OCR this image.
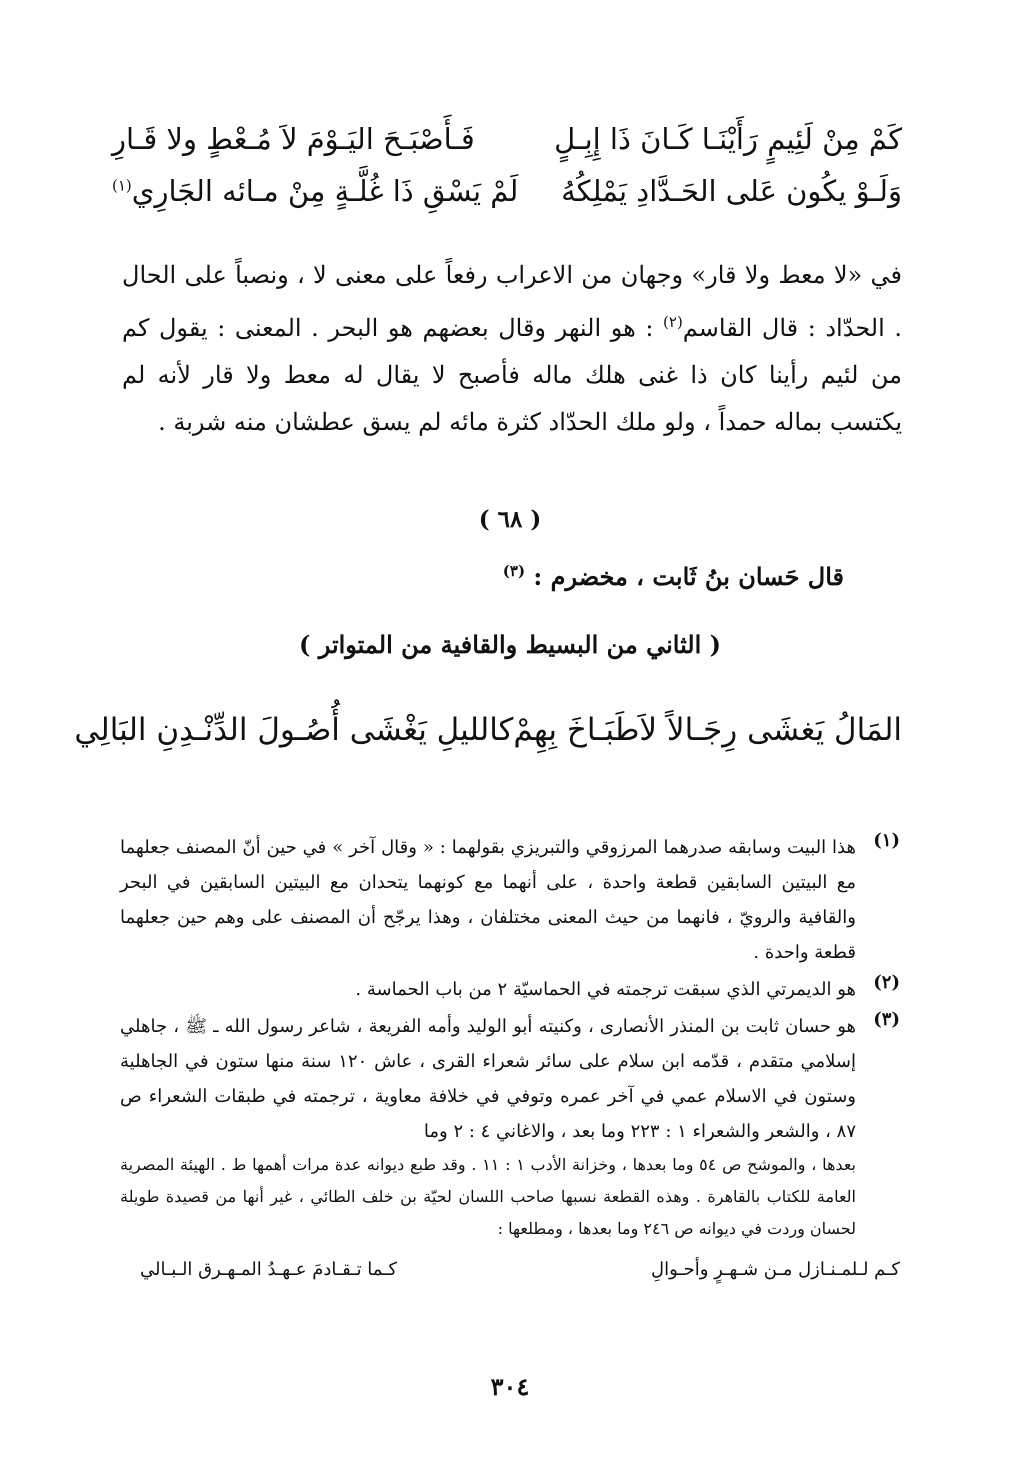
كَمْ مِنْ لَئِيمٍ رَأَيْنَـا كَـانَ ذَا إِبِـلٍ
فَـأَصْبَـحَ اليَـوْمَ لاَ مُـعْطٍ ولا قَـارِ
وَلَـوْ يكُون عَلى الحَـدَّادِ يَمْلِكُهُ
لَمْ يَسْقِ ذَا غُلَّـةٍ مِنْ مـائه الجَارِي$^{(١)}$

في «لا معط ولا قار» وجهان من الاعراب رفعاً على معنى لا ، ونصباً على الحال . الحدّاد : قال القاسم$^{(٢)}$ : هو النهر وقال بعضهم هو البحر . المعنى : يقول كم من لئيم رأينا كان ذا غنى هلك ماله فأصبح لا يقال له معط ولا قار لأنه لم يكتسب بماله حمداً ، ولو ملك الحدّاد كثرة مائه لم يسق عطشان منه شربة .

( ٦٨ )
قال حَسان بنُ ثَابت ، مخضرم : $^{(٣)}$
( الثاني من البسيط والقافية من المتواتر )
المَالُ يَغشَى رِجَـالاً لاَطَبَـاخَ بِهِمْ
كالليلِ يَغْشَى أُصُـولَ الدِّنْـدِنِ البَالِي
(١)
هذا البيت وسابقه صدرهما المرزوقي والتبريزي بقولهما : « وقال آخر » في حين أنّ المصنف جعلهما مع البيتين السابقين قطعة واحدة ، على أنهما مع كونهما يتحدان مع البيتين السابقين في البحر والقافية والرويّ ، فانهما من حيث المعنى مختلفان ، وهذا يرجّح أن المصنف على وهم حين جعلهما قطعة واحدة .
(٢)
هو الديمرتي الذي سبقت ترجمته في الحماسيّة ٢ من باب الحماسة .
(٣)
هو حسان ثابت بن المنذر الأنصارى ، وكنيته أبو الوليد وأمه الفريعة ، شاعر رسول الله ـ ﷺ ، جاهلي إسلامي متقدم ، قدّمه ابن سلام على سائر شعراء القرى ، عاش ١٢٠ سنة منها ستون في الجاهلية وستون في الاسلام عمي في آخر عمره وتوفي في خلافة معاوية ، ترجمته في طبقات الشعراء ص ٨٧ ، والشعر والشعراء ١ : ٢٢٣ وما بعد ، والاغاني ٤ : ٢ وما
بعدها ، والموشح ص ٥٤ وما بعدها ، وخزانة الأدب ١ : ١١ . وقد طبع ديوانه عدة مرات أهمها ط . الهيئة المصرية العامة للكتاب بالقاهرة . وهذه القطعة نسبها صاحب اللسان لحيّة بن خلف الطائي ، غير أنها من قصيدة طويلة لحسان وردت في ديوانه ص ٢٤٦ وما بعدها ، ومطلعها :
كـم لـلمـنـازل مـن شـهـرٍ وأحـوالِ
كـما تـقـادمَ عـهـدُ المـهـرق الـبـالي
٣٠٤
